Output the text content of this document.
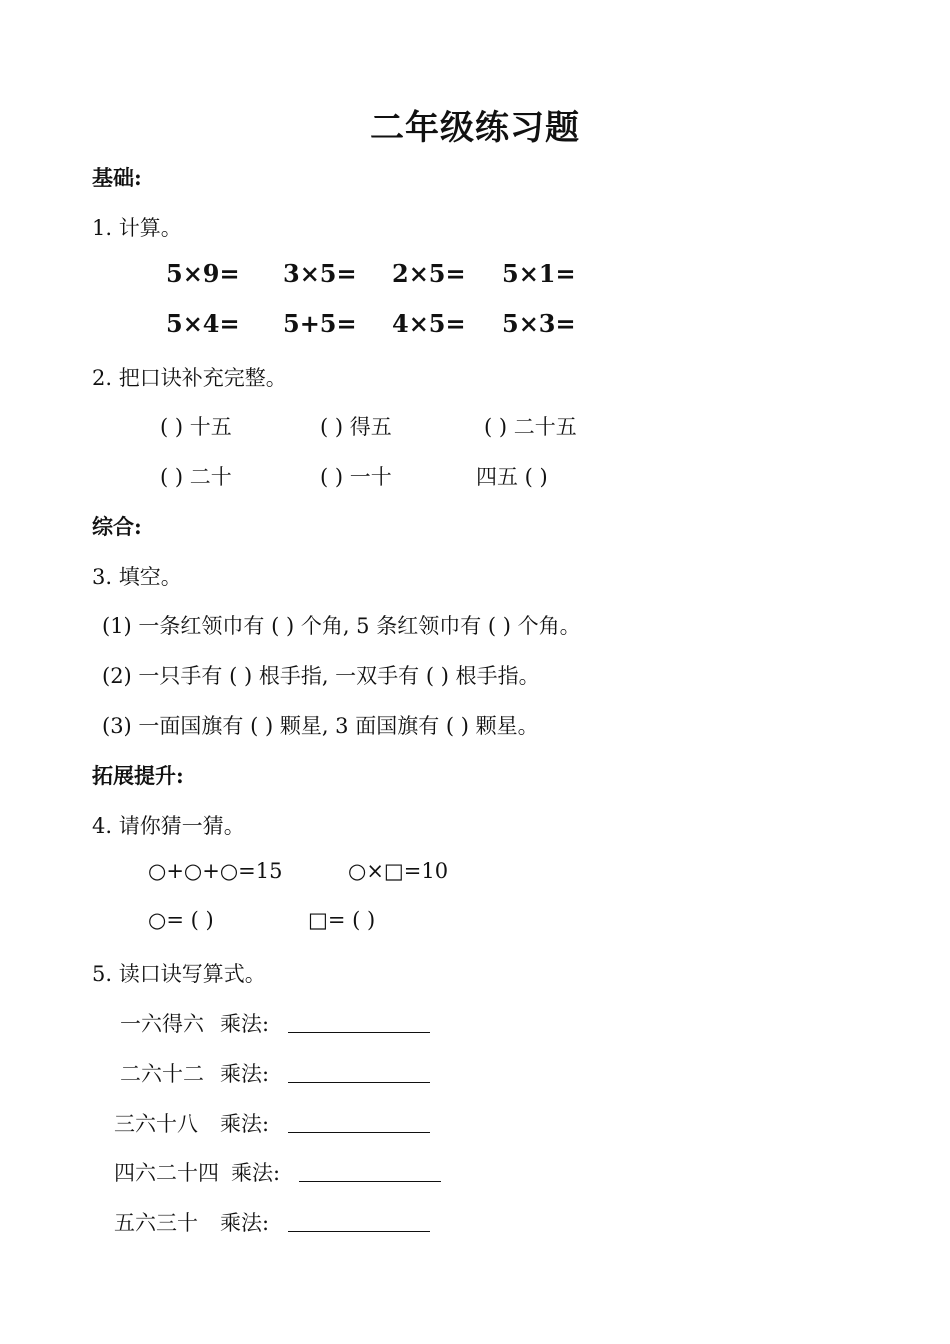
二年级练习题
基础:
1. 计算。
5×9= 3×5= 2×5= 5×1=
5×4= 5+5= 4×5= 5×3=
2. 把口诀补充完整。
( ) 十五	( ) 得五	( ) 二十五
( ) 二十	( ) 一十	四五 ( )
综合:
3. 填空。
(1) 一条红领巾有 ( ) 个角, 5 条红领巾有 ( ) 个角。
(2) 一只手有 ( ) 根手指, 一双手有 ( ) 根手指。
(3) 一面国旗有 ( ) 颗星, 3 面国旗有 ( ) 颗星。
拓展提升:
4. 请你猜一猜。
○+○+○=15	○×□=10
○= ( )	□= ( )
5. 读口诀写算式。
一六得六 乘法:
二六十二 乘法:
三六十八 乘法:
四六二十四 乘法:
五六三十 乘法:
